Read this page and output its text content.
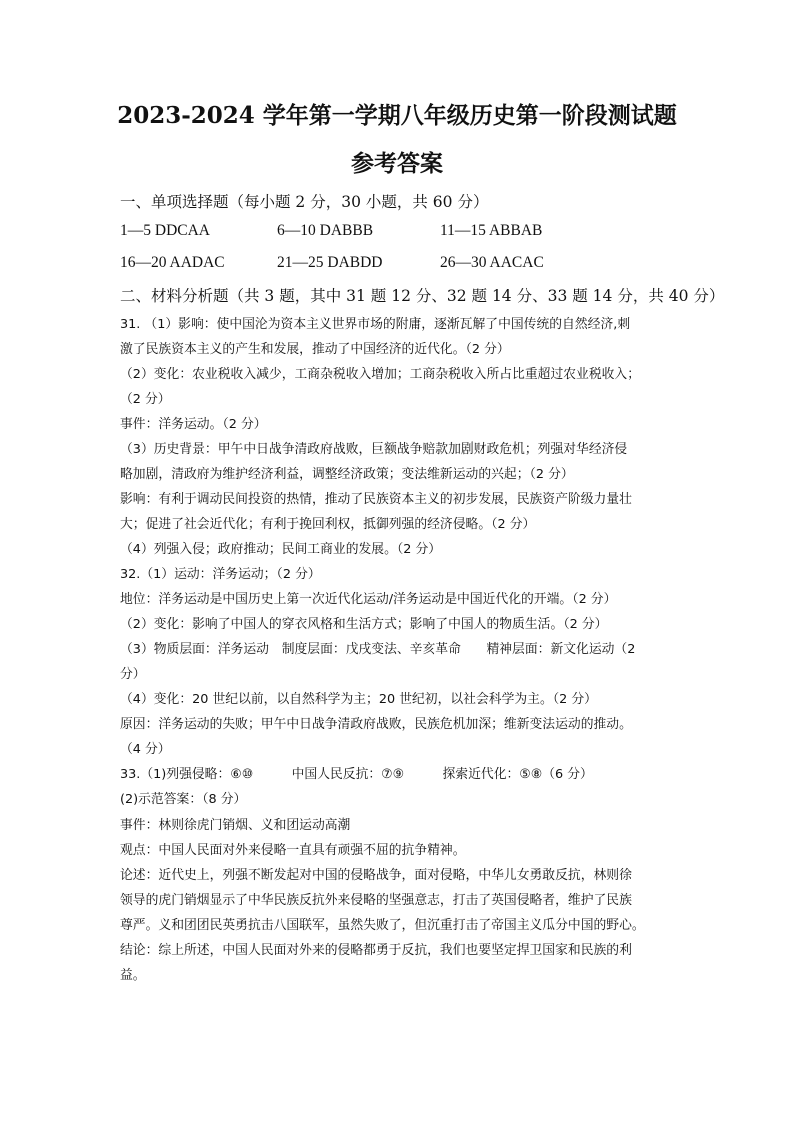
2023-2024 学年第一学期八年级历史第一阶段测试题
参考答案
一、单项选择题（每小题 2 分，30 小题，共 60 分）
1—5 DDCAA	6—10 DABBB	11—15 ABBAB
16—20 AADAC	21—25 DABDD	26—30 AACAC
二、材料分析题（共 3 题，其中 31 题 12 分、32 题 14 分、33 题 14 分，共 40 分）
31. （1）影响：使中国沦为资本主义世界市场的附庸，逐渐瓦解了中国传统的自然经济,刺
激了民族资本主义的产生和发展，推动了中国经济的近代化。（2 分）
（2）变化：农业税收入减少，工商杂税收入增加；工商杂税收入所占比重超过农业税收入；
（2 分）
事件：洋务运动。（2 分）
（3）历史背景：甲午中日战争清政府战败，巨额战争赔款加剧财政危机；列强对华经济侵
略加剧，清政府为维护经济利益，调整经济政策；变法维新运动的兴起；（2 分）
影响：有利于调动民间投资的热情，推动了民族资本主义的初步发展，民族资产阶级力量壮
大；促进了社会近代化；有利于挽回利权，抵御列强的经济侵略。（2 分）
（4）列强入侵；政府推动；民间工商业的发展。（2 分）
32.（1）运动：洋务运动；（2 分）
地位：洋务运动是中国历史上第一次近代化运动/洋务运动是中国近代化的开端。（2 分）
（2）变化：影响了中国人的穿衣风格和生活方式；影响了中国人的物质生活。（2 分）
（3）物质层面：洋务运动　制度层面：戊戌变法、辛亥革命　　精神层面：新文化运动（2
分）
（4）变化：20 世纪以前，以自然科学为主；20 世纪初，以社会科学为主。（2 分）
原因：洋务运动的失败；甲午中日战争清政府战败，民族危机加深；维新变法运动的推动。
（4 分）
33.（1)列强侵略：⑥⑩　　　中国人民反抗：⑦⑨　　　探索近代化：⑤⑧（6 分）
(2)示范答案：（8 分）
事件：林则徐虎门销烟、义和团运动高潮
观点：中国人民面对外来侵略一直具有顽强不屈的抗争精神。
论述：近代史上，列强不断发起对中国的侵略战争，面对侵略，中华儿女勇敢反抗，林则徐
领导的虎门销烟显示了中华民族反抗外来侵略的坚强意志，打击了英国侵略者，维护了民族
尊严。义和团团民英勇抗击八国联军，虽然失败了，但沉重打击了帝国主义瓜分中国的野心。
结论：综上所述，中国人民面对外来的侵略都勇于反抗，我们也要坚定捍卫国家和民族的利
益。
